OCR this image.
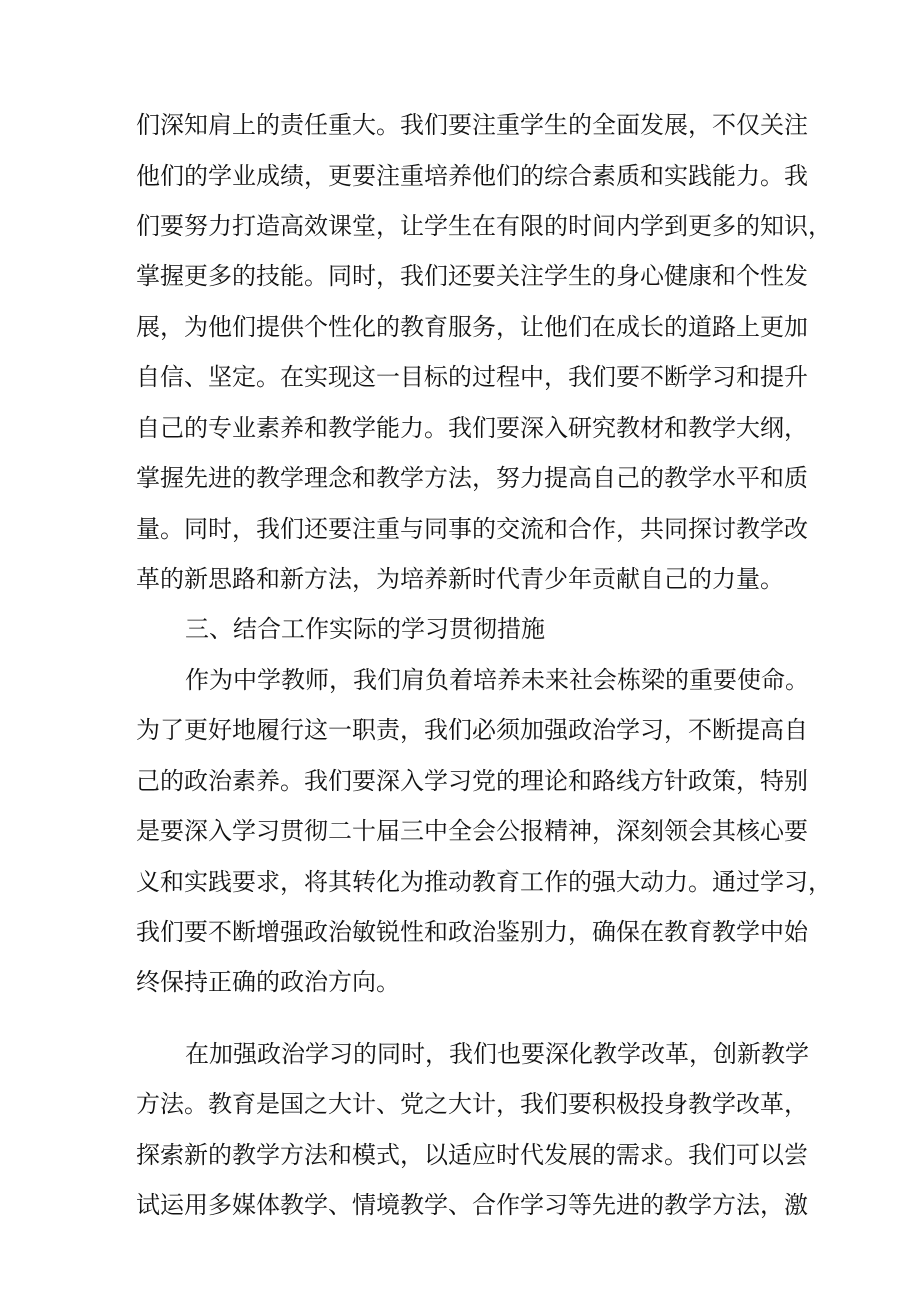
们深知肩上的责任重大。我们要注重学生的全面发展，不仅关注
他们的学业成绩，更要注重培养他们的综合素质和实践能力。我
们要努力打造高效课堂，让学生在有限的时间内学到更多的知识，
掌握更多的技能。同时，我们还要关注学生的身心健康和个性发
展，为他们提供个性化的教育服务，让他们在成长的道路上更加
自信、坚定。在实现这一目标的过程中，我们要不断学习和提升
自己的专业素养和教学能力。我们要深入研究教材和教学大纲，
掌握先进的教学理念和教学方法，努力提高自己的教学水平和质
量。同时，我们还要注重与同事的交流和合作，共同探讨教学改
革的新思路和新方法，为培养新时代青少年贡献自己的力量。
三、结合工作实际的学习贯彻措施
作为中学教师，我们肩负着培养未来社会栋梁的重要使命。
为了更好地履行这一职责，我们必须加强政治学习，不断提高自
己的政治素养。我们要深入学习党的理论和路线方针政策，特别
是要深入学习贯彻二十届三中全会公报精神，深刻领会其核心要
义和实践要求，将其转化为推动教育工作的强大动力。通过学习，
我们要不断增强政治敏锐性和政治鉴别力，确保在教育教学中始
终保持正确的政治方向。
在加强政治学习的同时，我们也要深化教学改革，创新教学
方法。教育是国之大计、党之大计，我们要积极投身教学改革，
探索新的教学方法和模式，以适应时代发展的需求。我们可以尝
试运用多媒体教学、情境教学、合作学习等先进的教学方法，激
